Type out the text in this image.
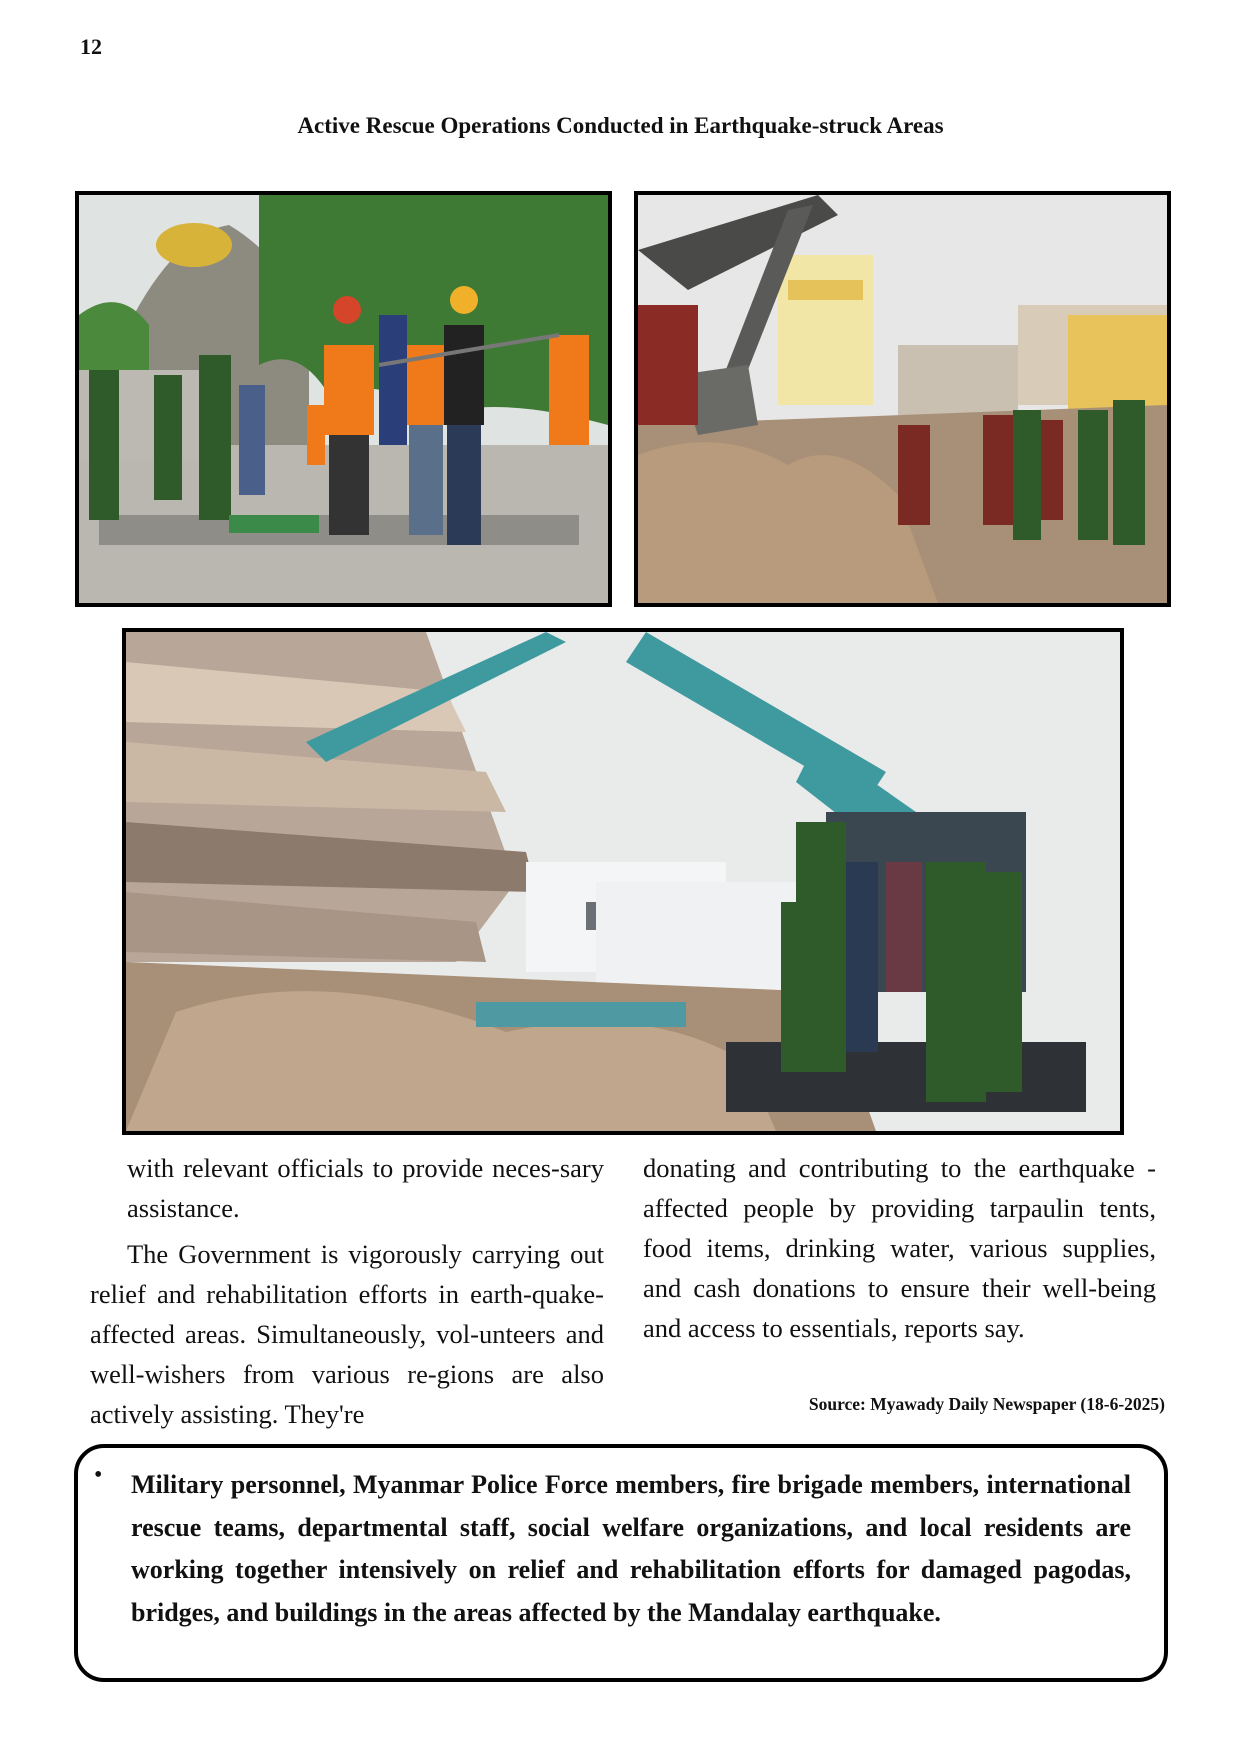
12
Active Rescue Operations Conducted in Earthquake-struck Areas

with relevant officials to provide neces-sary assistance.

The Government is vigorously carrying out relief and rehabilitation efforts in earth-quake-affected areas. Simultaneously, vol-unteers and well-wishers from various re-gions are also actively assisting. They're

donating and contributing to the earthquake -affected people by providing tarpaulin tents, food items, drinking water, various supplies, and cash donations to ensure their well-being and access to essentials, reports say.

Source: Myawady Daily Newspaper (18-6-2025)
• Military personnel, Myanmar Police Force members, fire brigade members, international rescue teams, departmental staff, social welfare organizations, and local residents are working together intensively on relief and rehabilitation efforts for damaged pagodas, bridges, and buildings in the areas affected by the Mandalay earthquake.
